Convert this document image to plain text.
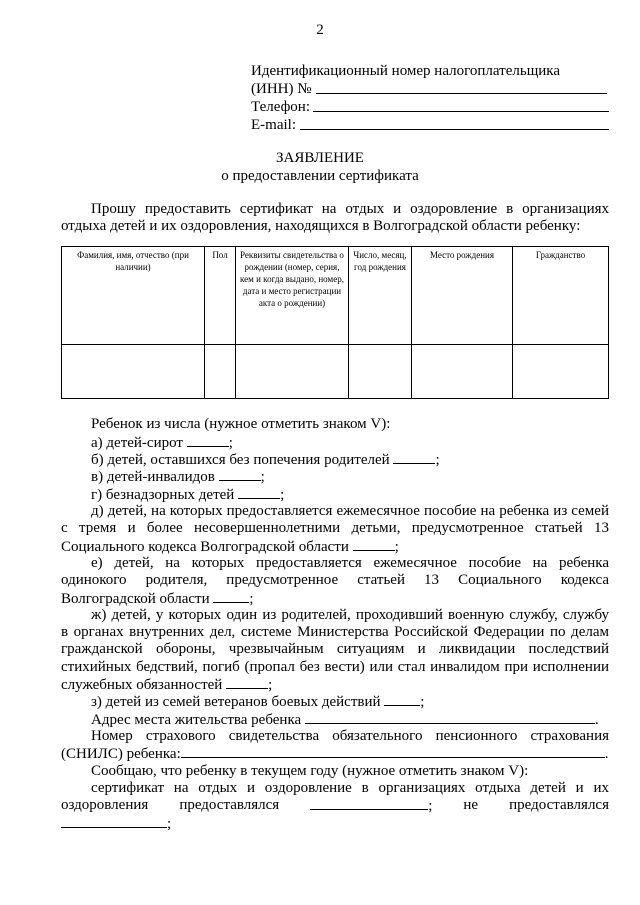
2
Идентификационный номер налогоплательщика
(ИНН) №
Телефон:
E-mail:
ЗАЯВЛЕНИЕ
о предоставлении сертификата
Прошу предоставить сертификат на отдых и оздоровление в организациях отдыха детей и их оздоровления, находящихся в Волгоградской области ребенку:
Фамилия, имя, отчество (при наличии)	Пол	Реквизиты свидетельства о рождении (номер, серия, кем и когда выдано, номер, дата и место регистрации акта о рождении)	Число, месяц, год рождения	Место рождения	Гражданство

Ребенок из числа (нужное отметить знаком V):
а) детей-сирот	;
б) детей, оставшихся без попечения родителей	;
в) детей-инвалидов	;
г) безнадзорных детей	;
д) детей, на которых предоставляется ежемесячное пособие на ребенка из семей
с тремя и более несовершеннолетними детьми, предусмотренное статьей 13
Социального кодекса Волгоградской области	;
е) детей, на которых предоставляется ежемесячное пособие на ребенка
одинокого родителя, предусмотренное статьей 13 Социального кодекса
Волгоградской области	;
ж) детей, у которых один из родителей, проходивший военную службу, службу
в органах внутренних дел, системе Министерства Российской Федерации по делам
гражданской обороны, чрезвычайным ситуациям и ликвидации последствий
стихийных бедствий, погиб (пропал без вести) или стал инвалидом при исполнении
служебных обязанностей	;
з) детей из семей ветеранов боевых действий	;
Адрес места жительства ребенка	.
Номер страхового свидетельства обязательного пенсионного страхования
(СНИЛС) ребенка:	.
Сообщаю, что ребенку в текущем году (нужное отметить знаком V):
сертификат на отдых и оздоровление в организациях отдыха детей и их
оздоровления предоставлялся	; не предоставлялся
;
